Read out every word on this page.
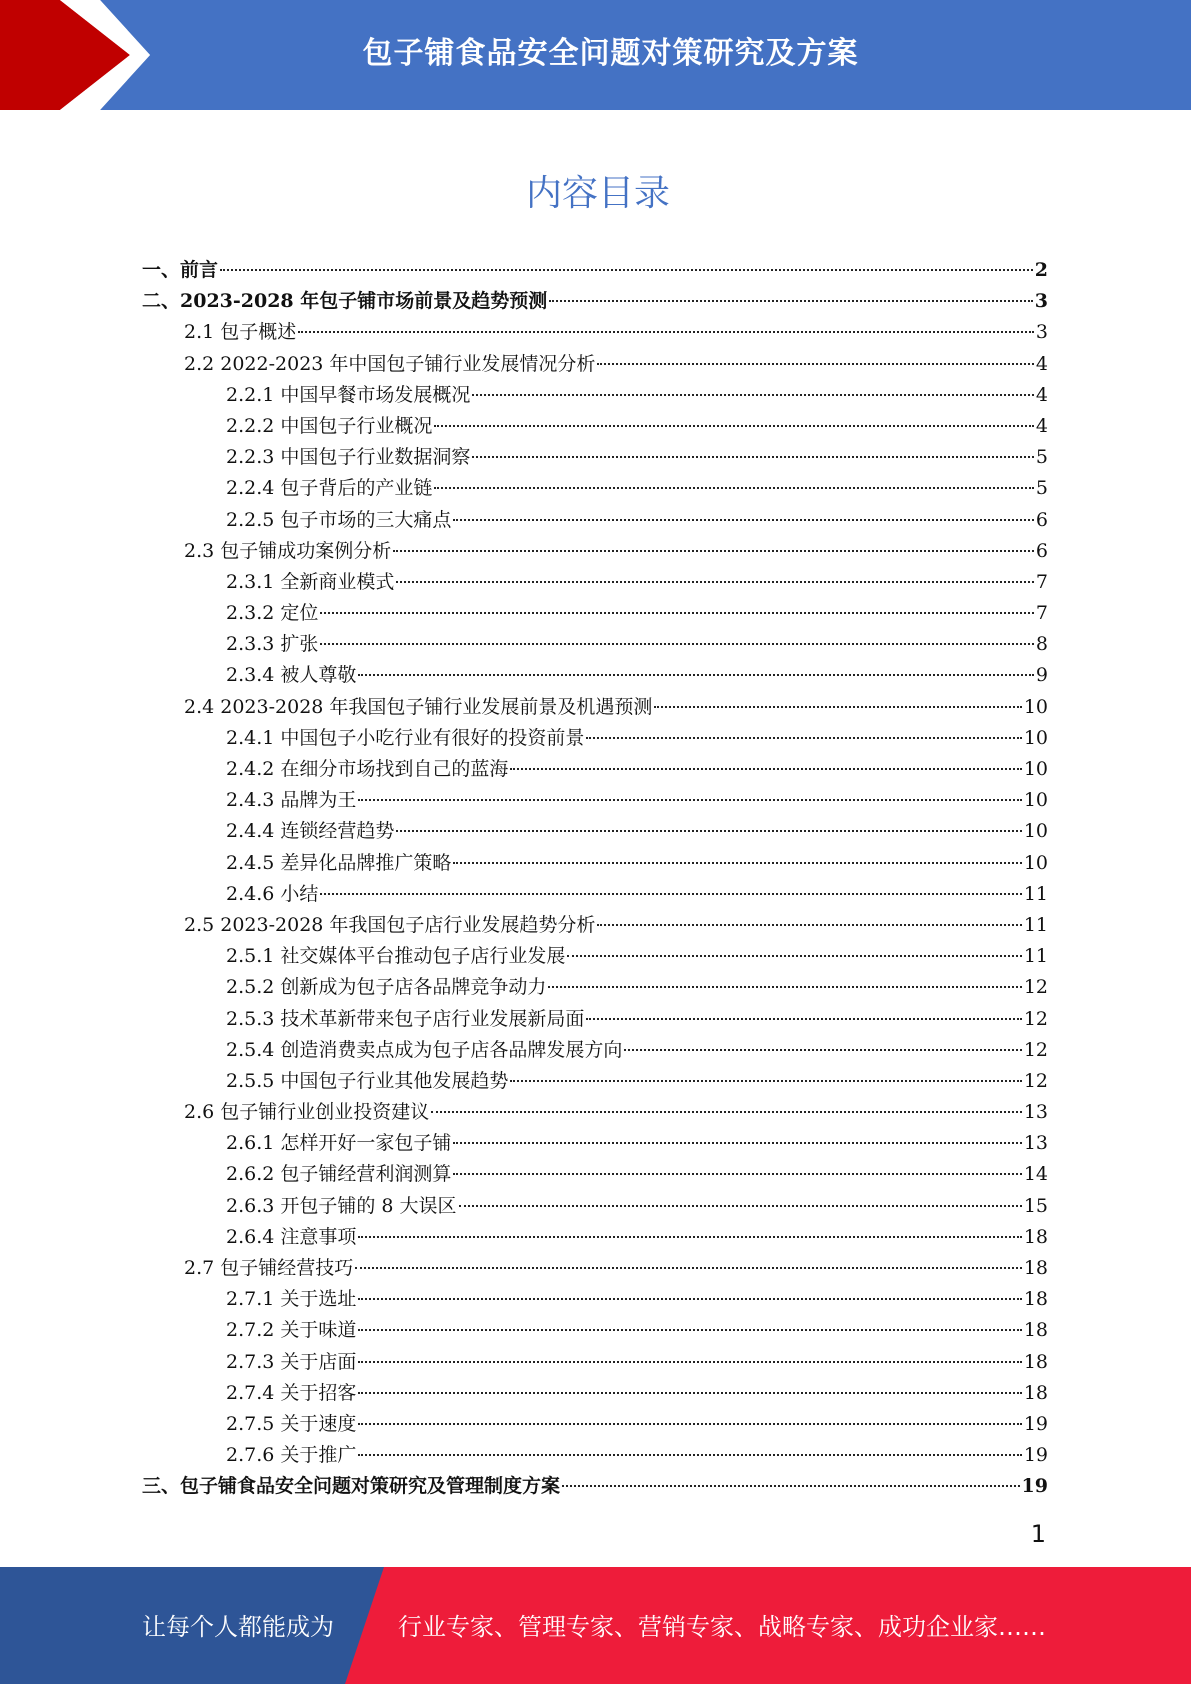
包子铺食品安全问题对策研究及方案
内容目录
一、前言	2
二、2023-2028 年包子铺市场前景及趋势预测	3
2.1 包子概述	3
2.2 2022-2023 年中国包子铺行业发展情况分析	4
2.2.1 中国早餐市场发展概况	4
2.2.2 中国包子行业概况	4
2.2.3 中国包子行业数据洞察	5
2.2.4 包子背后的产业链	5
2.2.5 包子市场的三大痛点	6
2.3 包子铺成功案例分析	6
2.3.1 全新商业模式	7
2.3.2 定位	7
2.3.3 扩张	8
2.3.4 被人尊敬	9
2.4 2023-2028 年我国包子铺行业发展前景及机遇预测	10
2.4.1 中国包子小吃行业有很好的投资前景	10
2.4.2 在细分市场找到自己的蓝海	10
2.4.3 品牌为王	10
2.4.4 连锁经营趋势	10
2.4.5 差异化品牌推广策略	10
2.4.6 小结	11
2.5 2023-2028 年我国包子店行业发展趋势分析	11
2.5.1 社交媒体平台推动包子店行业发展	11
2.5.2 创新成为包子店各品牌竞争动力	12
2.5.3 技术革新带来包子店行业发展新局面	12
2.5.4 创造消费卖点成为包子店各品牌发展方向	12
2.5.5 中国包子行业其他发展趋势	12
2.6 包子铺行业创业投资建议	13
2.6.1 怎样开好一家包子铺	13
2.6.2 包子铺经营利润测算	14
2.6.3 开包子铺的 8 大误区	15
2.6.4 注意事项	18
2.7 包子铺经营技巧	18
2.7.1 关于选址	18
2.7.2 关于味道	18
2.7.3 关于店面	18
2.7.4 关于招客	18
2.7.5 关于速度	19
2.7.6 关于推广	19
三、包子铺食品安全问题对策研究及管理制度方案	19
1
让每个人都能成为	行业专家、管理专家、营销专家、战略专家、成功企业家……
